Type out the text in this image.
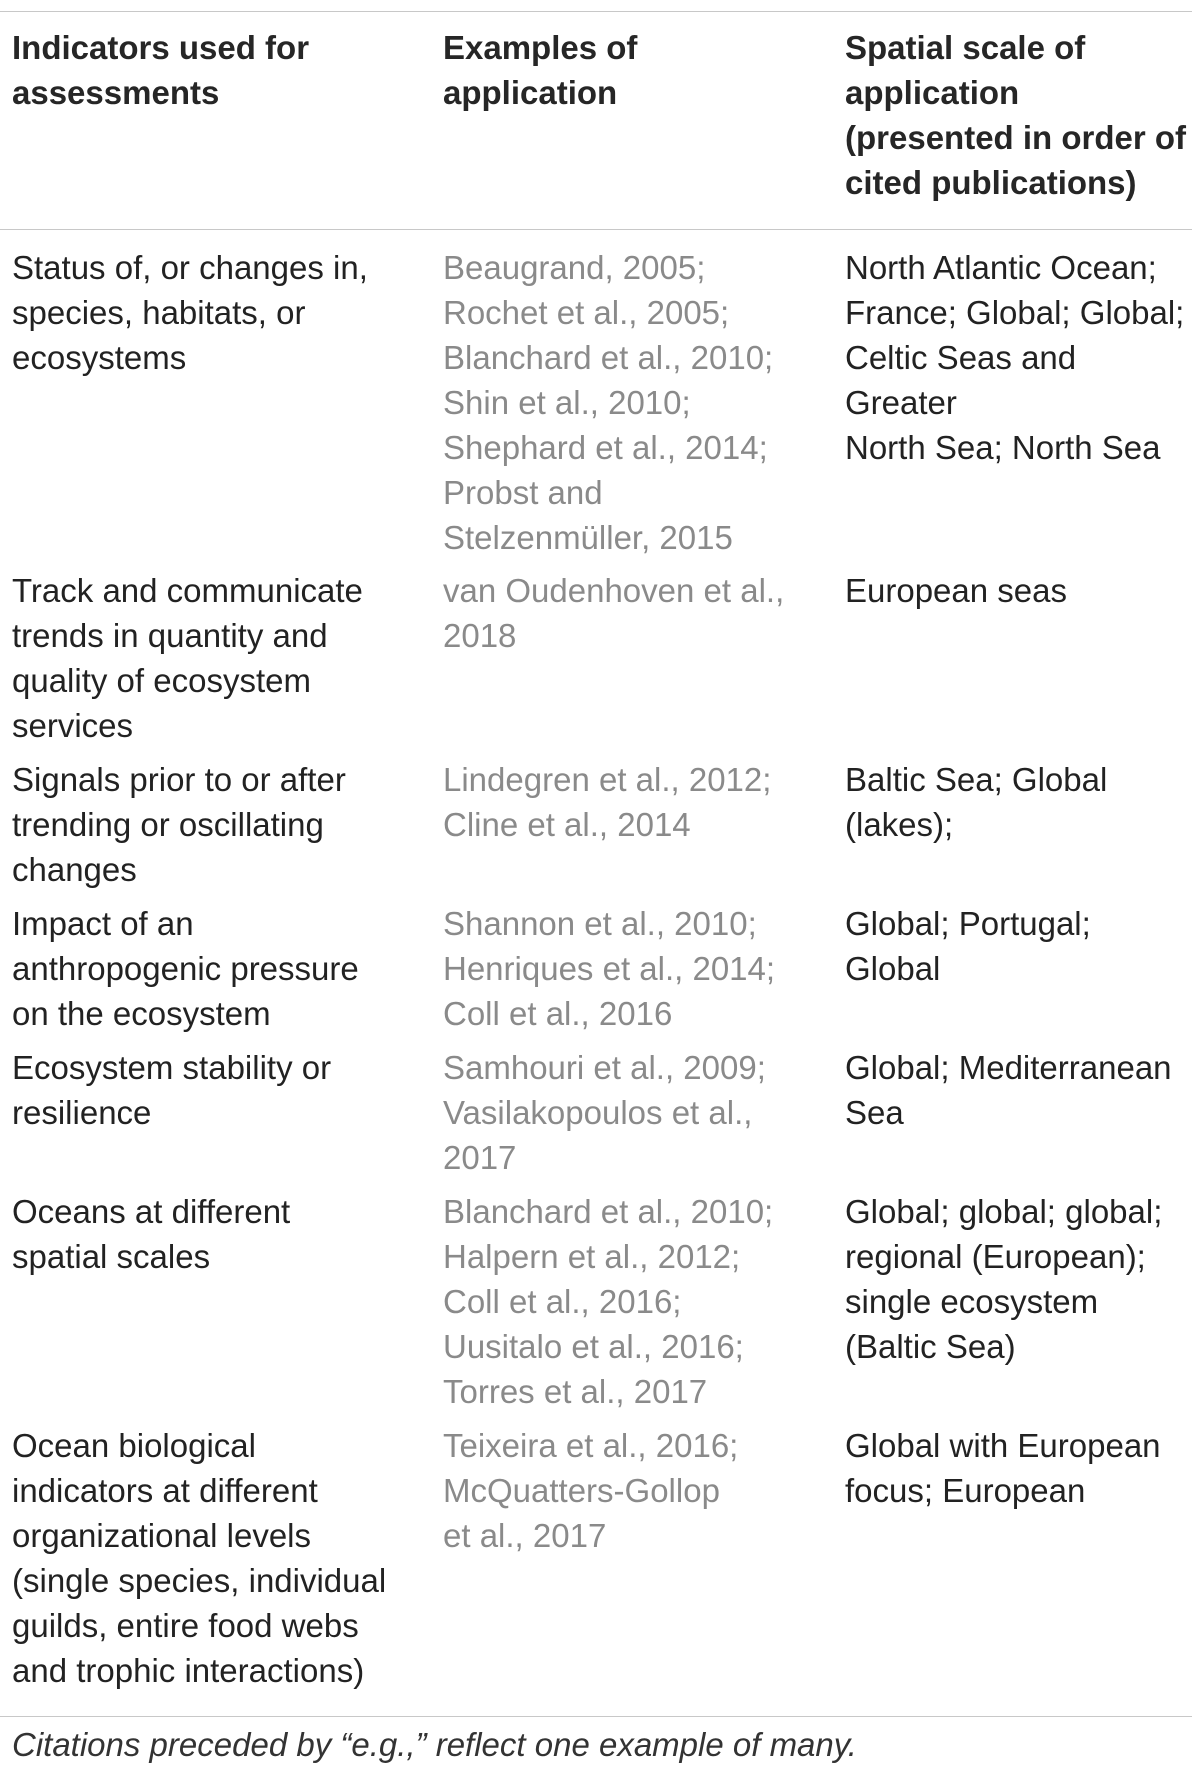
Indicators used for
assessments
Examples of
application
Spatial scale of
application
(presented in order of
cited publications)
Status of, or changes in,
species, habitats, or
ecosystems
Beaugrand, 2005;
Rochet et al., 2005;
Blanchard et al., 2010;
Shin et al., 2010;
Shephard et al., 2014;
Probst and
Stelzenmüller, 2015
North Atlantic Ocean;
France; Global; Global;
Celtic Seas and Greater
North Sea; North Sea
Track and communicate
trends in quantity and
quality of ecosystem
services
van Oudenhoven et al.,
2018
European seas
Signals prior to or after
trending or oscillating
changes
Lindegren et al., 2012;
Cline et al., 2014
Baltic Sea; Global
(lakes);
Impact of an
anthropogenic pressure
on the ecosystem
Shannon et al., 2010;
Henriques et al., 2014;
Coll et al., 2016
Global; Portugal; Global
Ecosystem stability or
resilience
Samhouri et al., 2009;
Vasilakopoulos et al.,
2017
Global; Mediterranean
Sea
Oceans at different
spatial scales
Blanchard et al., 2010;
Halpern et al., 2012;
Coll et al., 2016;
Uusitalo et al., 2016;
Torres et al., 2017
Global; global; global;
regional (European);
single ecosystem
(Baltic Sea)
Ocean biological
indicators at different
organizational levels
(single species, individual
guilds, entire food webs
and trophic interactions)
Teixeira et al., 2016;
McQuatters-Gollop
et al., 2017
Global with European
focus; European
Citations preceded by “e.g.,” reflect one example of many.
